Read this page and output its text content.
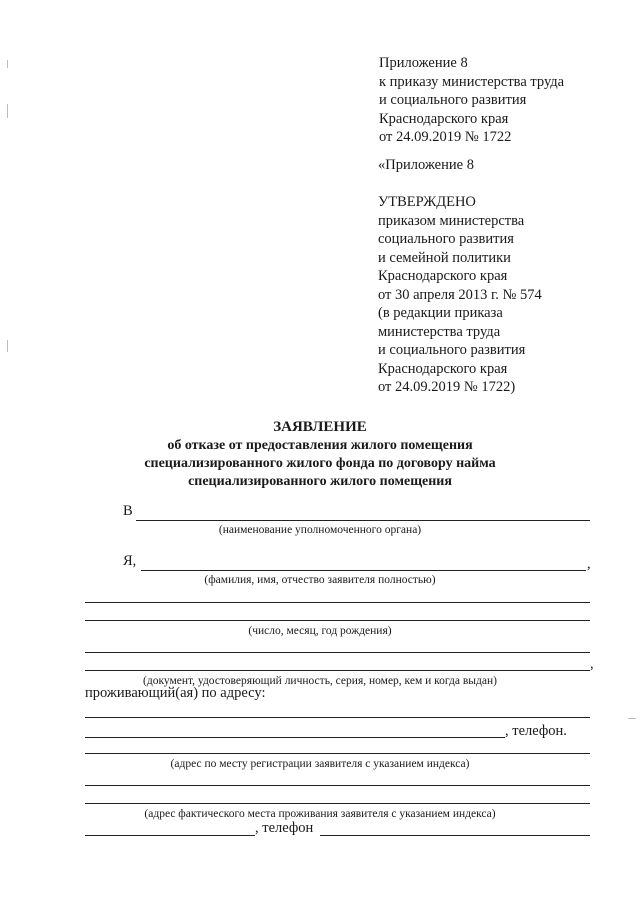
Приложение 8
к приказу министерства труда
и социального развития
Краснодарского края
от 24.09.2019 № 1722
«Приложение 8
УТВЕРЖДЕНО
приказом министерства
социального развития
и семейной политики
Краснодарского края
от 30 апреля 2013 г. № 574
(в редакции приказа
министерства труда
и социального развития
Краснодарского края
от 24.09.2019 № 1722)
ЗАЯВЛЕНИЕ
об отказе от предоставления жилого помещения
специализированного жилого фонда по договору найма
специализированного жилого помещения
В
(наименование уполномоченного органа)
Я,	,
(фамилия, имя, отчество заявителя полностью)
(число, месяц, год рождения)
,
(документ, удостоверяющий личность, серия, номер, кем и когда выдан)
проживающий(ая) по адресу:
, телефон.
(адрес по месту регистрации заявителя с указанием индекса)
(адрес фактического места проживания заявителя с указанием индекса)
, телефон
